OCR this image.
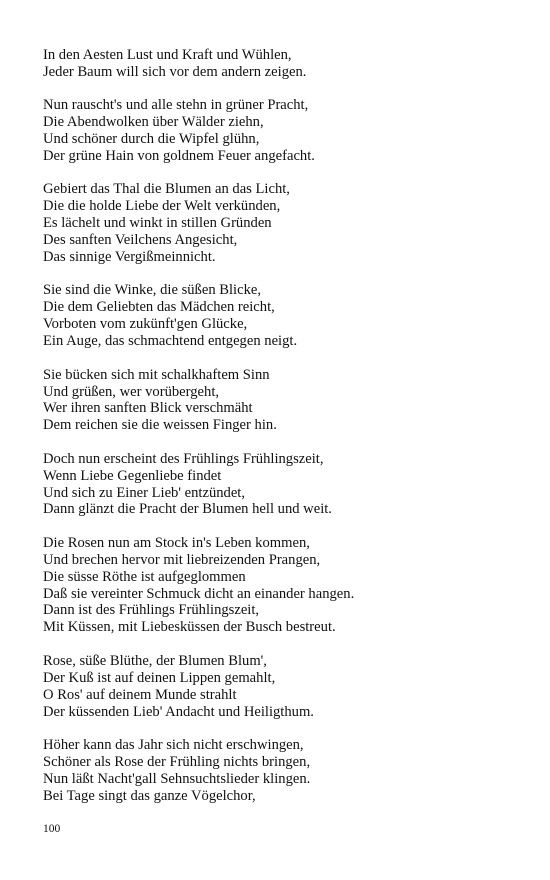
In den Aesten Lust und Kraft und Wühlen,
Jeder Baum will sich vor dem andern zeigen.
Nun rauscht's und alle stehn in grüner Pracht,
Die Abendwolken über Wälder ziehn,
Und schöner durch die Wipfel glühn,
Der grüne Hain von goldnem Feuer angefacht.
Gebiert das Thal die Blumen an das Licht,
Die die holde Liebe der Welt verkünden,
Es lächelt und winkt in stillen Gründen
Des sanften Veilchens Angesicht,
Das sinnige Vergißmeinnicht.
Sie sind die Winke, die süßen Blicke,
Die dem Geliebten das Mädchen reicht,
Vorboten vom zukünft'gen Glücke,
Ein Auge, das schmachtend entgegen neigt.
Sie bücken sich mit schalkhaftem Sinn
Und grüßen, wer vorübergeht,
Wer ihren sanften Blick verschmäht
Dem reichen sie die weissen Finger hin.
Doch nun erscheint des Frühlings Frühlingszeit,
Wenn Liebe Gegenliebe findet
Und sich zu Einer Lieb' entzündet,
Dann glänzt die Pracht der Blumen hell und weit.
Die Rosen nun am Stock in's Leben kommen,
Und brechen hervor mit liebreizenden Prangen,
Die süsse Röthe ist aufgeglommen
Daß sie vereinter Schmuck dicht an einander hangen.
Dann ist des Frühlings Frühlingszeit,
Mit Küssen, mit Liebesküssen der Busch bestreut.
Rose, süße Blüthe, der Blumen Blum',
Der Kuß ist auf deinen Lippen gemahlt,
O Ros' auf deinem Munde strahlt
Der küssenden Lieb' Andacht und Heiligthum.
Höher kann das Jahr sich nicht erschwingen,
Schöner als Rose der Frühling nichts bringen,
Nun läßt Nacht'gall Sehnsuchtslieder klingen.
Bei Tage singt das ganze Vögelchor,
100
